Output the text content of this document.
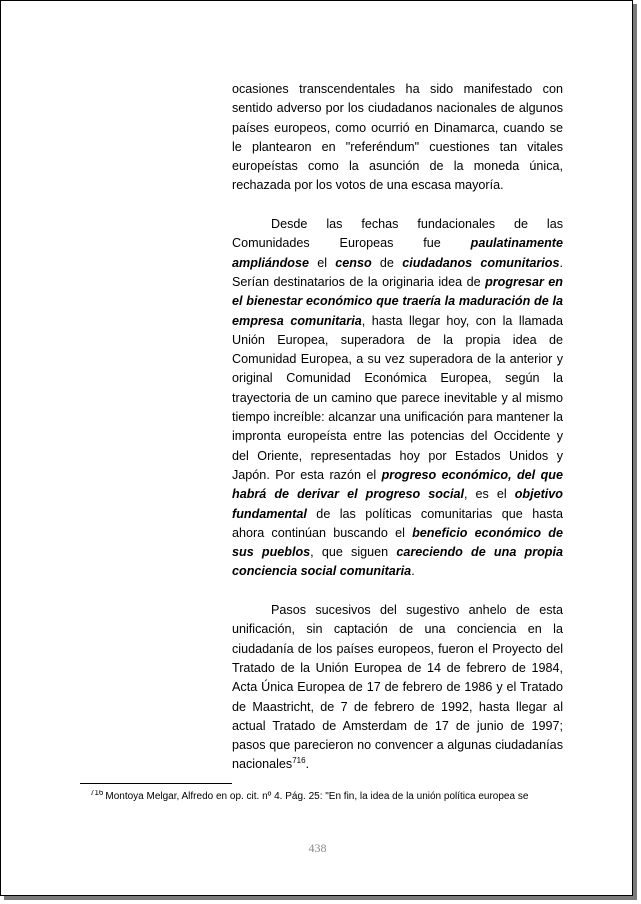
ocasiones transcendentales ha sido manifestado con sentido adverso por los ciudadanos nacionales de algunos países europeos, como ocurrió en Dinamarca, cuando se le plantearon en "referéndum" cuestiones tan vitales europeístas como la asunción de la moneda única, rechazada por los votos de una escasa mayoría.

Desde las fechas fundacionales de las Comunidades Europeas fue paulatinamente ampliándose el censo de ciudadanos comunitarios. Serían destinatarios de la originaria idea de progresar en el bienestar económico que traería la maduración de la empresa comunitaria, hasta llegar hoy, con la llamada Unión Europea, superadora de la propia idea de Comunidad Europea, a su vez superadora de la anterior y original Comunidad Económica Europea, según la trayectoria de un camino que parece inevitable y al mismo tiempo increíble: alcanzar una unificación para mantener la impronta europeísta entre las potencias del Occidente y del Oriente, representadas hoy por Estados Unidos y Japón. Por esta razón el progreso económico, del que habrá de derivar el progreso social, es el objetivo fundamental de las políticas comunitarias que hasta ahora continúan buscando el beneficio económico de sus pueblos, que siguen careciendo de una propia conciencia social comunitaria.

Pasos sucesivos del sugestivo anhelo de esta unificación, sin captación de una conciencia en la ciudadanía de los países europeos, fueron el Proyecto del Tratado de la Unión Europea de 14 de febrero de 1984, Acta Única Europea de 17 de febrero de 1986 y el Tratado de Maastricht, de 7 de febrero de 1992, hasta llegar al actual Tratado de Amsterdam de 17 de junio de 1997; pasos que parecieron no convencer a algunas ciudadanías nacionales$^{716}$.

$^{716}$ Montoya Melgar, Alfredo en op. cit. nº 4. Pág. 25: "En fin, la idea de la unión política europea se
438
